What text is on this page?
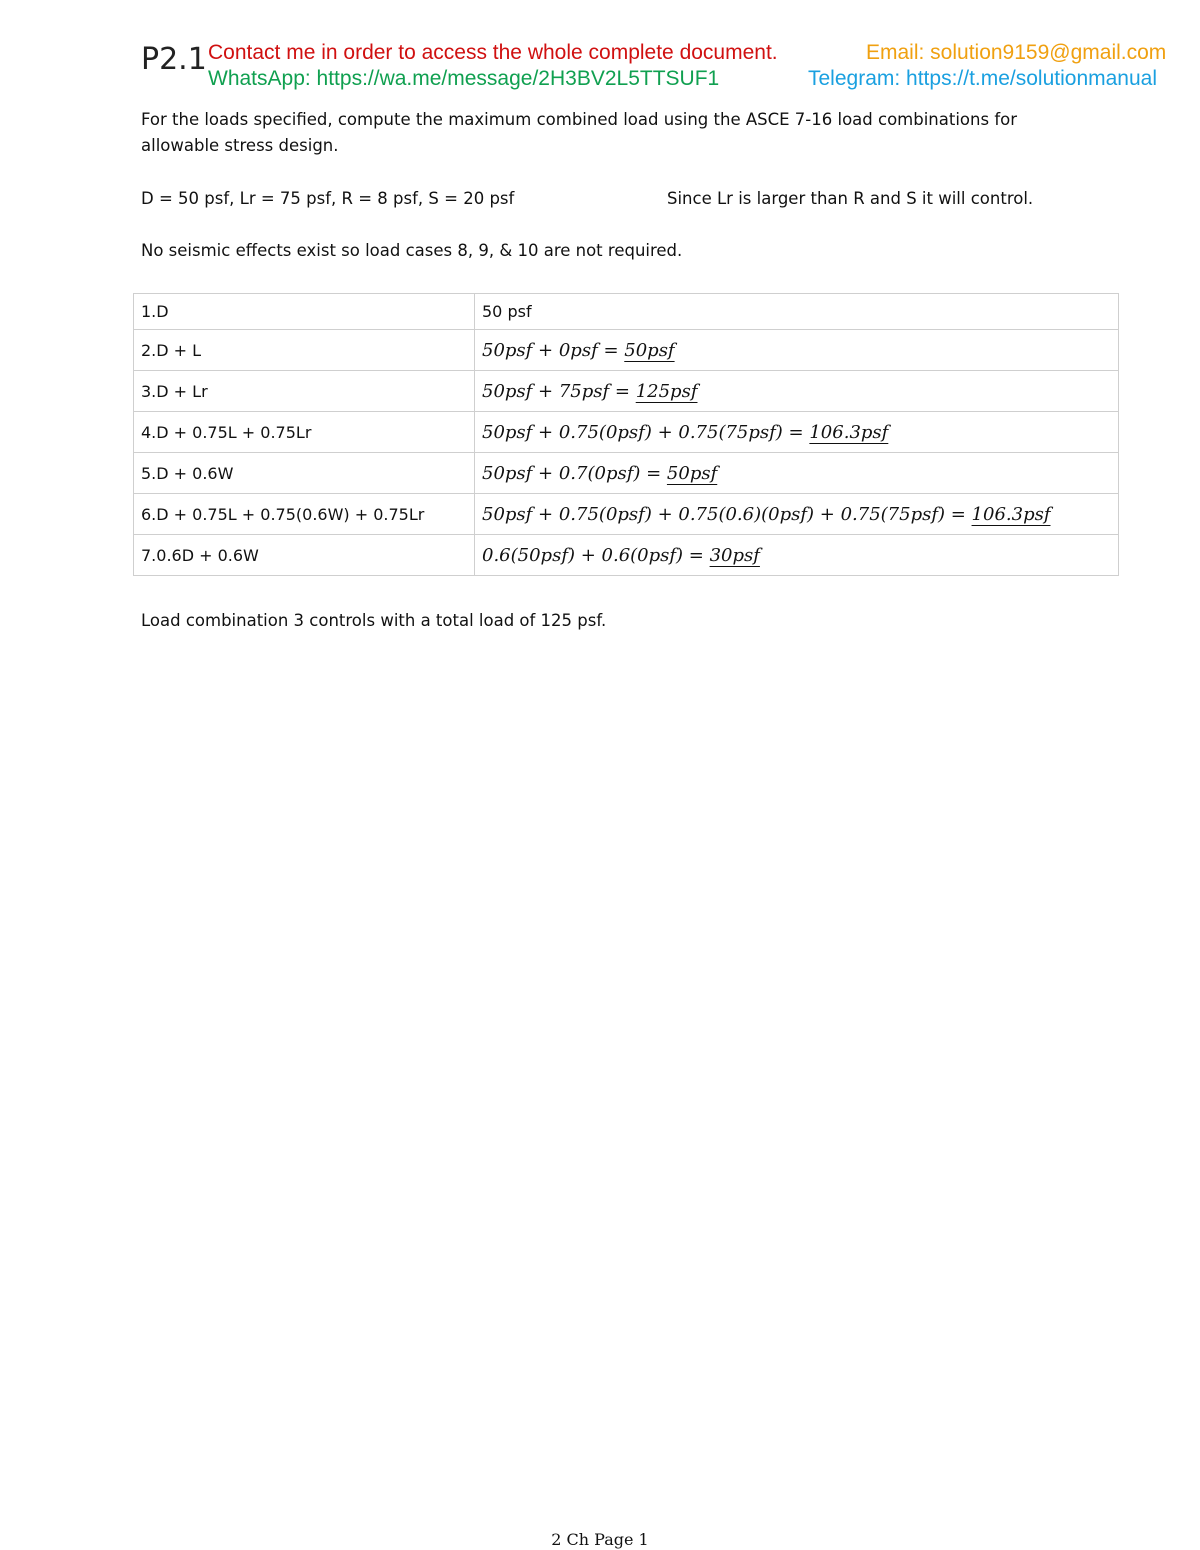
P2.1 Contact me in order to access the whole complete document.	Email: solution9159@gmail.com
WhatsApp: https://wa.me/message/2H3BV2L5TTSUF1	Telegram: https://t.me/solutionmanual
For the loads specified, compute the maximum combined load using the ASCE 7-16 load combinations for
allowable stress design.
D = 50 psf, Lr = 75 psf, R = 8 psf, S = 20 psf	Since Lr is larger than R and S it will control.
No seismic effects exist so load cases 8, 9, & 10 are not required.
1.D	50 psf
2.D + L	50psf + 0psf = 50psf
3.D + Lr	50psf + 75psf = 125psf
4.D + 0.75L + 0.75Lr	50psf + 0.75(0psf) + 0.75(75psf) = 106.3psf
5.D + 0.6W	50psf + 0.7(0psf) = 50psf
6.D + 0.75L + 0.75(0.6W) + 0.75Lr	50psf + 0.75(0psf) + 0.75(0.6)(0psf) + 0.75(75psf) = 106.3psf
7.0.6D + 0.6W	0.6(50psf) + 0.6(0psf) = 30psf
Load combination 3 controls with a total load of 125 psf.
2 Ch Page 1
